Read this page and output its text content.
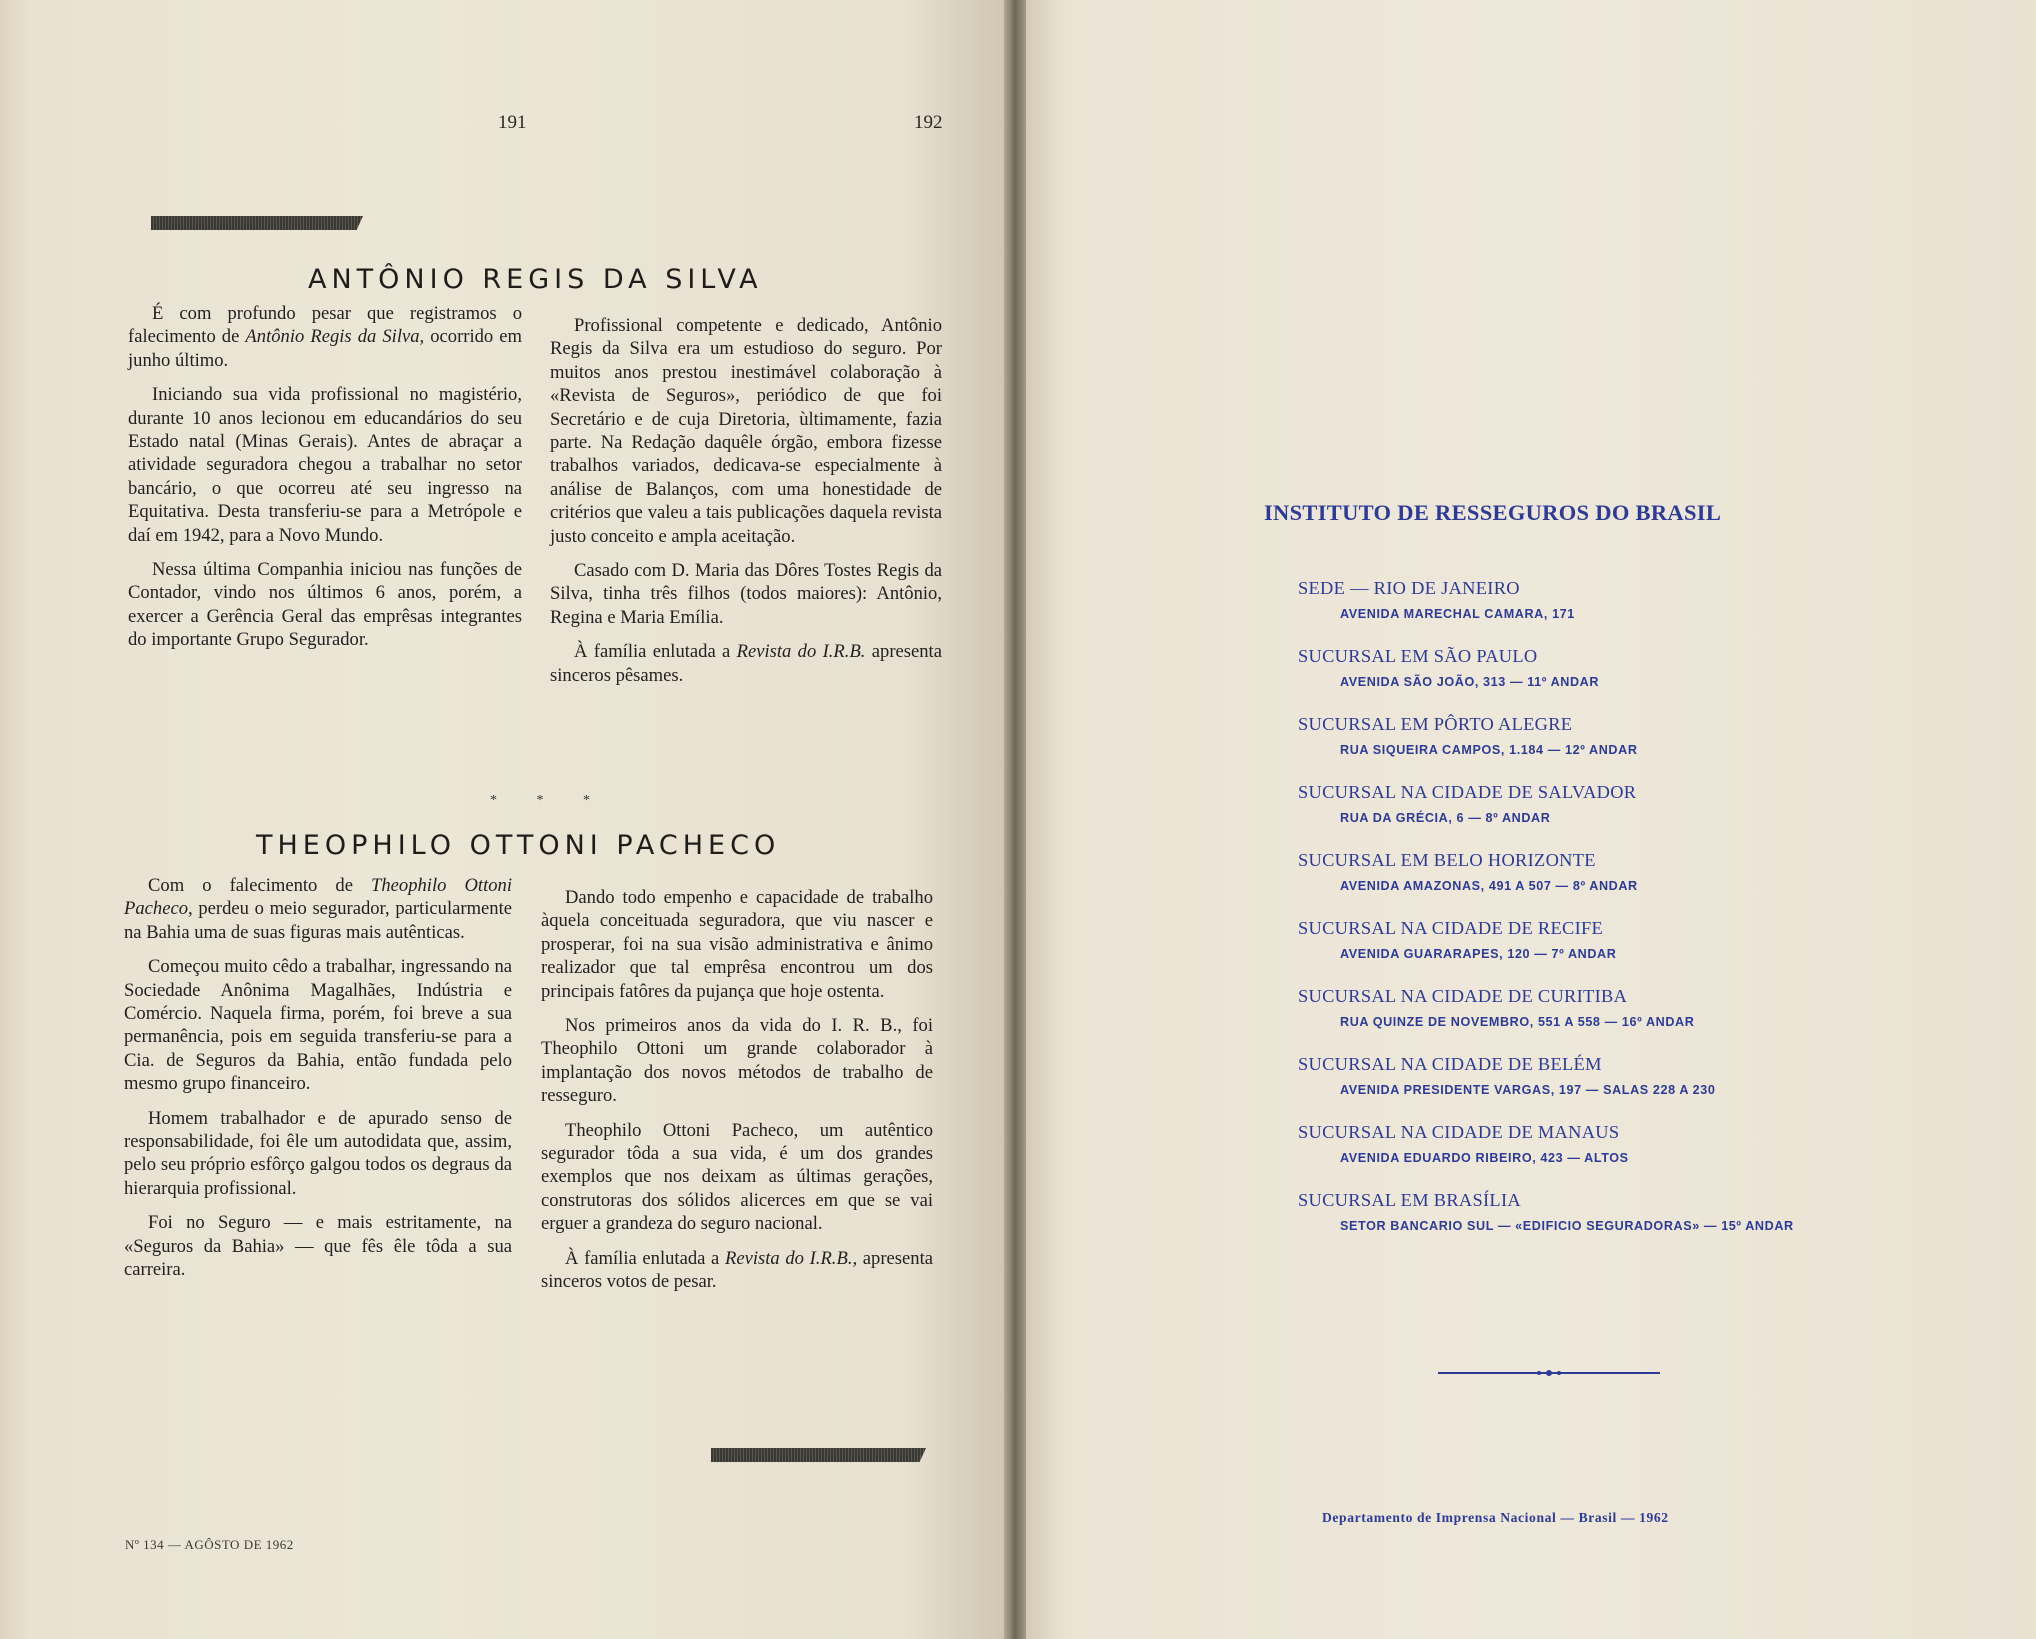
191	192
ANTÔNIO REGIS DA SILVA

É com profundo pesar que registramos o falecimento de Antônio Regis da Silva, ocorrido em junho último.

Iniciando sua vida profissional no magistério, durante 10 anos lecionou em educandários do seu Estado natal (Minas Gerais). Antes de abraçar a atividade seguradora chegou a trabalhar no setor bancário, o que ocorreu até seu ingresso na Equitativa. Desta transferiu-se para a Metrópole e daí em 1942, para a Novo Mundo.

Nessa última Companhia iniciou nas funções de Contador, vindo nos últimos 6 anos, porém, a exercer a Gerência Geral das emprêsas integrantes do importante Grupo Segurador.

Profissional competente e dedicado, Antônio Regis da Silva era um estudioso do seguro. Por muitos anos prestou inestimável colaboração à «Revista de Seguros», periódico de que foi Secretário e de cuja Diretoria, ùltimamente, fazia parte. Na Redação daquêle órgão, embora fizesse trabalhos variados, dedicava-se especialmente à análise de Balanços, com uma honestidade de critérios que valeu a tais publicações daquela revista justo conceito e ampla aceitação.

Casado com D. Maria das Dôres Tostes Regis da Silva, tinha três filhos (todos maiores): Antônio, Regina e Maria Emília.

À família enlutada a Revista do I.R.B. apresenta sinceros pêsames.

* * *
THEOPHILO OTTONI PACHECO

Com o falecimento de Theophilo Ottoni Pacheco, perdeu o meio segurador, particularmente na Bahia uma de suas figuras mais autênticas.

Começou muito cêdo a trabalhar, ingressando na Sociedade Anônima Magalhães, Indústria e Comércio. Naquela firma, porém, foi breve a sua permanência, pois em seguida transferiu-se para a Cia. de Seguros da Bahia, então fundada pelo mesmo grupo financeiro.

Homem trabalhador e de apurado senso de responsabilidade, foi êle um autodidata que, assim, pelo seu próprio esfôrço galgou todos os degraus da hierarquia profissional.

Foi no Seguro — e mais estritamente, na «Seguros da Bahia» — que fês êle tôda a sua carreira.

Dando todo empenho e capacidade de trabalho àquela conceituada seguradora, que viu nascer e prosperar, foi na sua visão administrativa e ânimo realizador que tal emprêsa encontrou um dos principais fatôres da pujança que hoje ostenta.

Nos primeiros anos da vida do I. R. B., foi Theophilo Ottoni um grande colaborador à implantação dos novos métodos de trabalho de resseguro.

Theophilo Ottoni Pacheco, um autêntico segurador tôda a sua vida, é um dos grandes exemplos que nos deixam as últimas gerações, construtoras dos sólidos alicerces em que se vai erguer a grandeza do seguro nacional.

À família enlutada a Revista do I.R.B., apresenta sinceros votos de pesar.

Nº 134 — AGÔSTO DE 1962
INSTITUTO DE RESSEGUROS DO BRASIL
SEDE — RIO DE JANEIRO
AVENIDA MARECHAL CAMARA, 171
SUCURSAL EM SÃO PAULO
AVENIDA SÃO JOÃO, 313 — 11º ANDAR
SUCURSAL EM PÔRTO ALEGRE
RUA SIQUEIRA CAMPOS, 1.184 — 12º ANDAR
SUCURSAL NA CIDADE DE SALVADOR
RUA DA GRÉCIA, 6 — 8º ANDAR
SUCURSAL EM BELO HORIZONTE
AVENIDA AMAZONAS, 491 A 507 — 8º ANDAR
SUCURSAL NA CIDADE DE RECIFE
AVENIDA GUARARAPES, 120 — 7º ANDAR
SUCURSAL NA CIDADE DE CURITIBA
RUA QUINZE DE NOVEMBRO, 551 A 558 — 16º ANDAR
SUCURSAL NA CIDADE DE BELÉM
AVENIDA PRESIDENTE VARGAS, 197 — SALAS 228 A 230
SUCURSAL NA CIDADE DE MANAUS
AVENIDA EDUARDO RIBEIRO, 423 — ALTOS
SUCURSAL EM BRASÍLIA
SETOR BANCARIO SUL — «EDIFICIO SEGURADORAS» — 15º ANDAR

Departamento de Imprensa Nacional — Brasil — 1962
